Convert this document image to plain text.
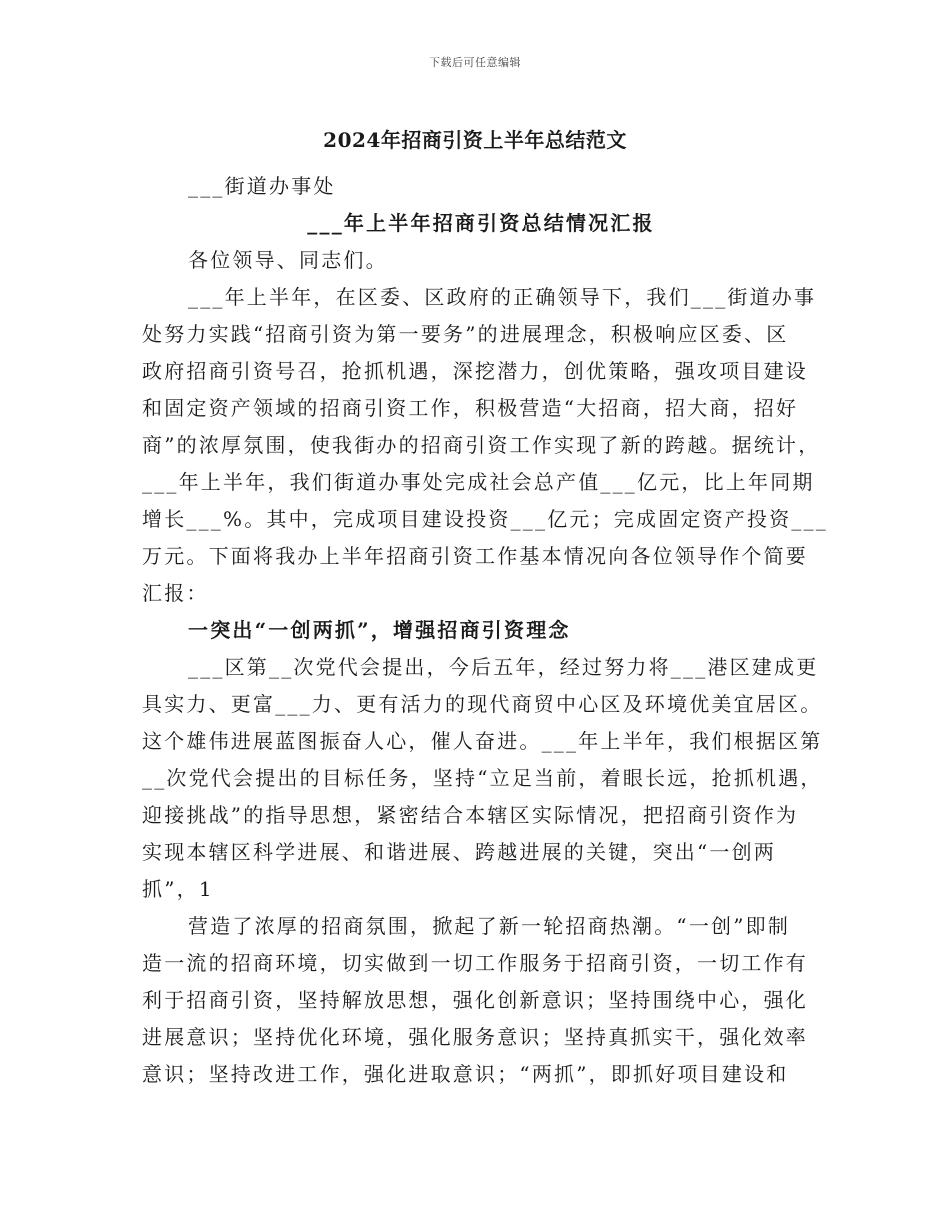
下载后可任意编辑
2024年招商引资上半年总结范文
___街道办事处
___年上半年招商引资总结情况汇报
各位领导、同志们。
___年上半年，在区委、区政府的正确领导下，我们___街道办事
处努力实践“招商引资为第一要务”的进展理念，积极响应区委、区
政府招商引资号召，抢抓机遇，深挖潜力，创优策略，强攻项目建设
和固定资产领域的招商引资工作，积极营造“大招商，招大商，招好
商”的浓厚氛围，使我街办的招商引资工作实现了新的跨越。据统计，
___年上半年，我们街道办事处完成社会总产值___亿元，比上年同期
增长___%。其中，完成项目建设投资___亿元；完成固定资产投资___
万元。下面将我办上半年招商引资工作基本情况向各位领导作个简要
汇报：
一突出“一创两抓”，增强招商引资理念
___区第__次党代会提出，今后五年，经过努力将___港区建成更
具实力、更富___力、更有活力的现代商贸中心区及环境优美宜居区。
这个雄伟进展蓝图振奋人心，催人奋进。___年上半年，我们根据区第
__次党代会提出的目标任务，坚持“立足当前，着眼长远，抢抓机遇，
迎接挑战”的指导思想，紧密结合本辖区实际情况，把招商引资作为
实现本辖区科学进展、和谐进展、跨越进展的关键，突出“一创两
抓”，1
营造了浓厚的招商氛围，掀起了新一轮招商热潮。“一创”即制
造一流的招商环境，切实做到一切工作服务于招商引资，一切工作有
利于招商引资，坚持解放思想，强化创新意识；坚持围绕中心，强化
进展意识；坚持优化环境，强化服务意识；坚持真抓实干，强化效率
意识；坚持改进工作，强化进取意识；“两抓”，即抓好项目建设和
